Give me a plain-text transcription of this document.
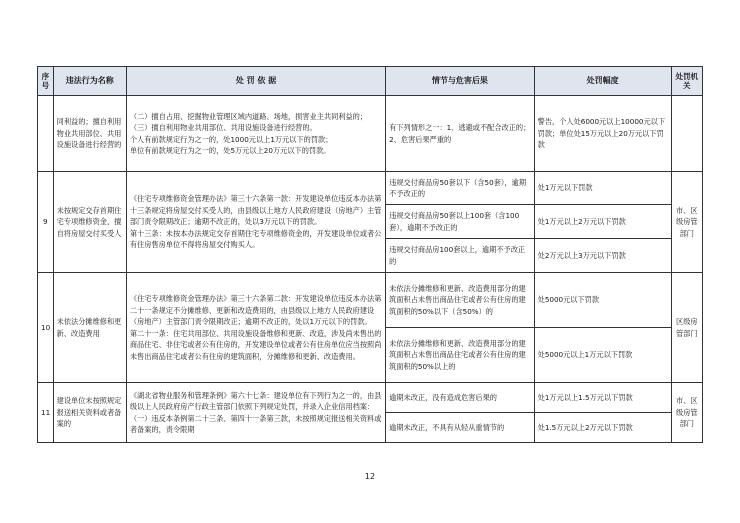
序号	违法行为名称	处 罚 依 据	情节与危害后果	处罚幅度	处罚机关
	同利益的；擅自利用物业共用部位、共用设施设备进行经营的	（二）擅自占用、挖掘物业管理区域内道路、场地，损害业主共同利益的；
（三）擅自利用物业共用部位、共用设施设备进行经营的。
个人有前款规定行为之一的，处1000元以上1万元以下的罚款；
单位有前款规定行为之一的，处5万元以上20万元以下的罚款。	有下列情形之一：1、逃避或不配合改正的；2、危害后果严重的	警告，个人处6000元以上10000元以下罚款；单位处15万元以上20万元以下罚款	
9	未按规定交存首期住宅专项维修资金，擅自将房屋交付买受人	《住宅专项维修资金管理办法》第三十六条第一款：开发建设单位违反本办法第十三条规定将房屋交付买受人的，由县级以上地方人民政府建设（房地产）主管部门责令限期改正；逾期不改正的，处以3万元以下的罚款。
第十三条：未按本办法规定交存首期住宅专项维修资金的，开发建设单位或者公有住房售房单位不得将房屋交付购买人。	违规交付商品房50套以下（含50套），逾期不予改正的	处1万元以下罚款	市、区级房管部门
			违规交付商品房50套以上100套（含100套），逾期不予改正的	处1万元以上2万元以下罚款	
			违规交付商品房100套以上，逾期不予改正的	处2万元以上3万元以下罚款	
10	未依法分摊维修和更新、改造费用	《住宅专项维修资金管理办法》第三十六条第二款：开发建设单位违反本办法第二十一条规定不分摊维修、更新和改造费用的，由县级以上地方人民政府建设（房地产）主管部门责令限期改正；逾期不改正的，处以1万元以下的罚款。
第二十一条：住宅共用部位、共用设施设备维修和更新、改造，涉及尚未售出的商品住宅、非住宅或者公有住房的，开发建设单位或者公有住房单位应当按照尚未售出商品住宅或者公有住房的建筑面积，分摊维修和更新、改造费用。	未依法分摊维修和更新、改造费用部分的建筑面积占未售出商品住宅或者公有住房的建筑面积的50%以下（含50%）的	处5000元以下罚款	区级房管部门
			未依法分摊维修和更新、改造费用部分的建筑面积占未售出商品住宅或者公有住房的建筑面积的50%以上的	处5000元以上1万元以下罚款	
11	建设单位未按照规定报送相关资料或者备案的	《湖北省物业服务和管理条例》第六十七条：建设单位有下列行为之一的，由县级以上人民政府房产行政主管部门依照下列规定处罚，并录入企业信用档案：（一）违反本条例第二十三条、第四十一条第三款，未按照规定报送相关资料或者备案的，责令限期	逾期未改正，没有造成危害后果的	处1万元以上1.5万元以下罚款	市、区级房管部门
			逾期未改正，不具有从轻从重情节的	处1.5万元以上2万元以下罚款	
12
